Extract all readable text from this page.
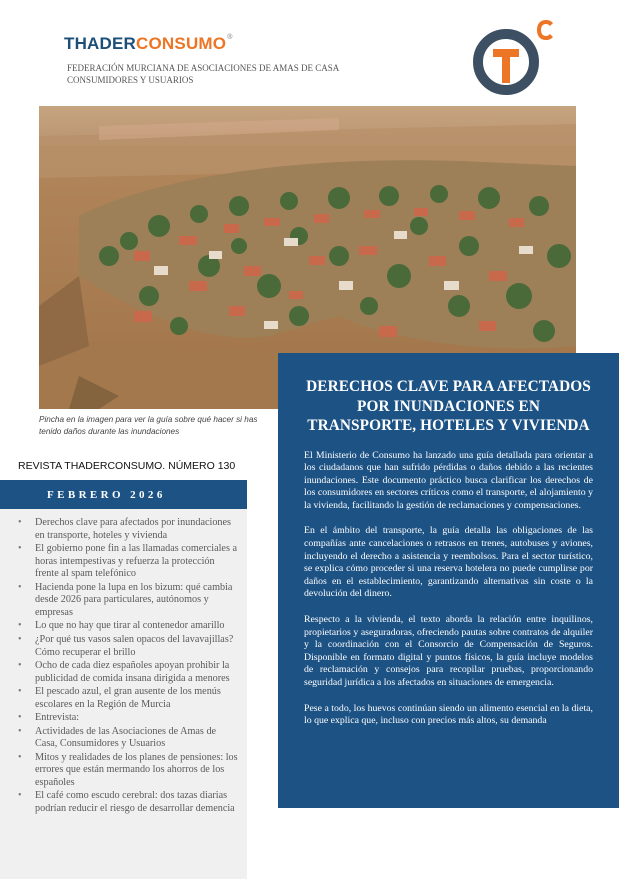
THADERCONSUMO®
FEDERACIÓN MURCIANA DE ASOCIACIONES DE AMAS DE CASA
CONSUMIDORES Y USUARIOS
Pincha en la imagen para ver la guía sobre qué hacer si has tenido daños durante las inundaciones
REVISTA THADERCONSUMO. NÚMERO 130
FEBRERO 2026
• Derechos clave para afectados por inundaciones en transporte, hoteles y vivienda
• El gobierno pone fin a las llamadas comerciales a horas intempestivas y refuerza la protección frente al spam telefónico
• Hacienda pone la lupa en los bizum: qué cambia desde 2026 para particulares, autónomos y empresas
• Lo que no hay que tirar al contenedor amarillo
• ¿Por qué tus vasos salen opacos del lavavajillas? Cómo recuperar el brillo
• Ocho de cada diez españoles apoyan prohibir la publicidad de comida insana dirigida a menores
• El pescado azul, el gran ausente de los menús escolares en la Región de Murcia
• Entrevista:
• Actividades de las Asociaciones de Amas de Casa, Consumidores y Usuarios
• Mitos y realidades de los planes de pensiones: los errores que están mermando los ahorros de los españoles
• El café como escudo cerebral: dos tazas diarias podrían reducir el riesgo de desarrollar demencia
DERECHOS CLAVE PARA AFECTADOS POR INUNDACIONES EN TRANSPORTE, HOTELES Y VIVIENDA

El Ministerio de Consumo ha lanzado una guía detallada para orientar a los ciudadanos que han sufrido pérdidas o daños debido a las recientes inundaciones. Este documento práctico busca clarificar los derechos de los consumidores en sectores críticos como el transporte, el alojamiento y la vivienda, facilitando la gestión de reclamaciones y compensaciones.

En el ámbito del transporte, la guía detalla las obligaciones de las compañías ante cancelaciones o retrasos en trenes, autobuses y aviones, incluyendo el derecho a asistencia y reembolsos. Para el sector turístico, se explica cómo proceder si una reserva hotelera no puede cumplirse por daños en el establecimiento, garantizando alternativas sin coste o la devolución del dinero.

Respecto a la vivienda, el texto aborda la relación entre inquilinos, propietarios y aseguradoras, ofreciendo pautas sobre contratos de alquiler y la coordinación con el Consorcio de Compensación de Seguros. Disponible en formato digital y puntos físicos, la guía incluye modelos de reclamación y consejos para recopilar pruebas, proporcionando seguridad jurídica a los afectados en situaciones de emergencia.

Pese a todo, los huevos continúan siendo un alimento esencial en la dieta, lo que explica que, incluso con precios más altos, su demanda
